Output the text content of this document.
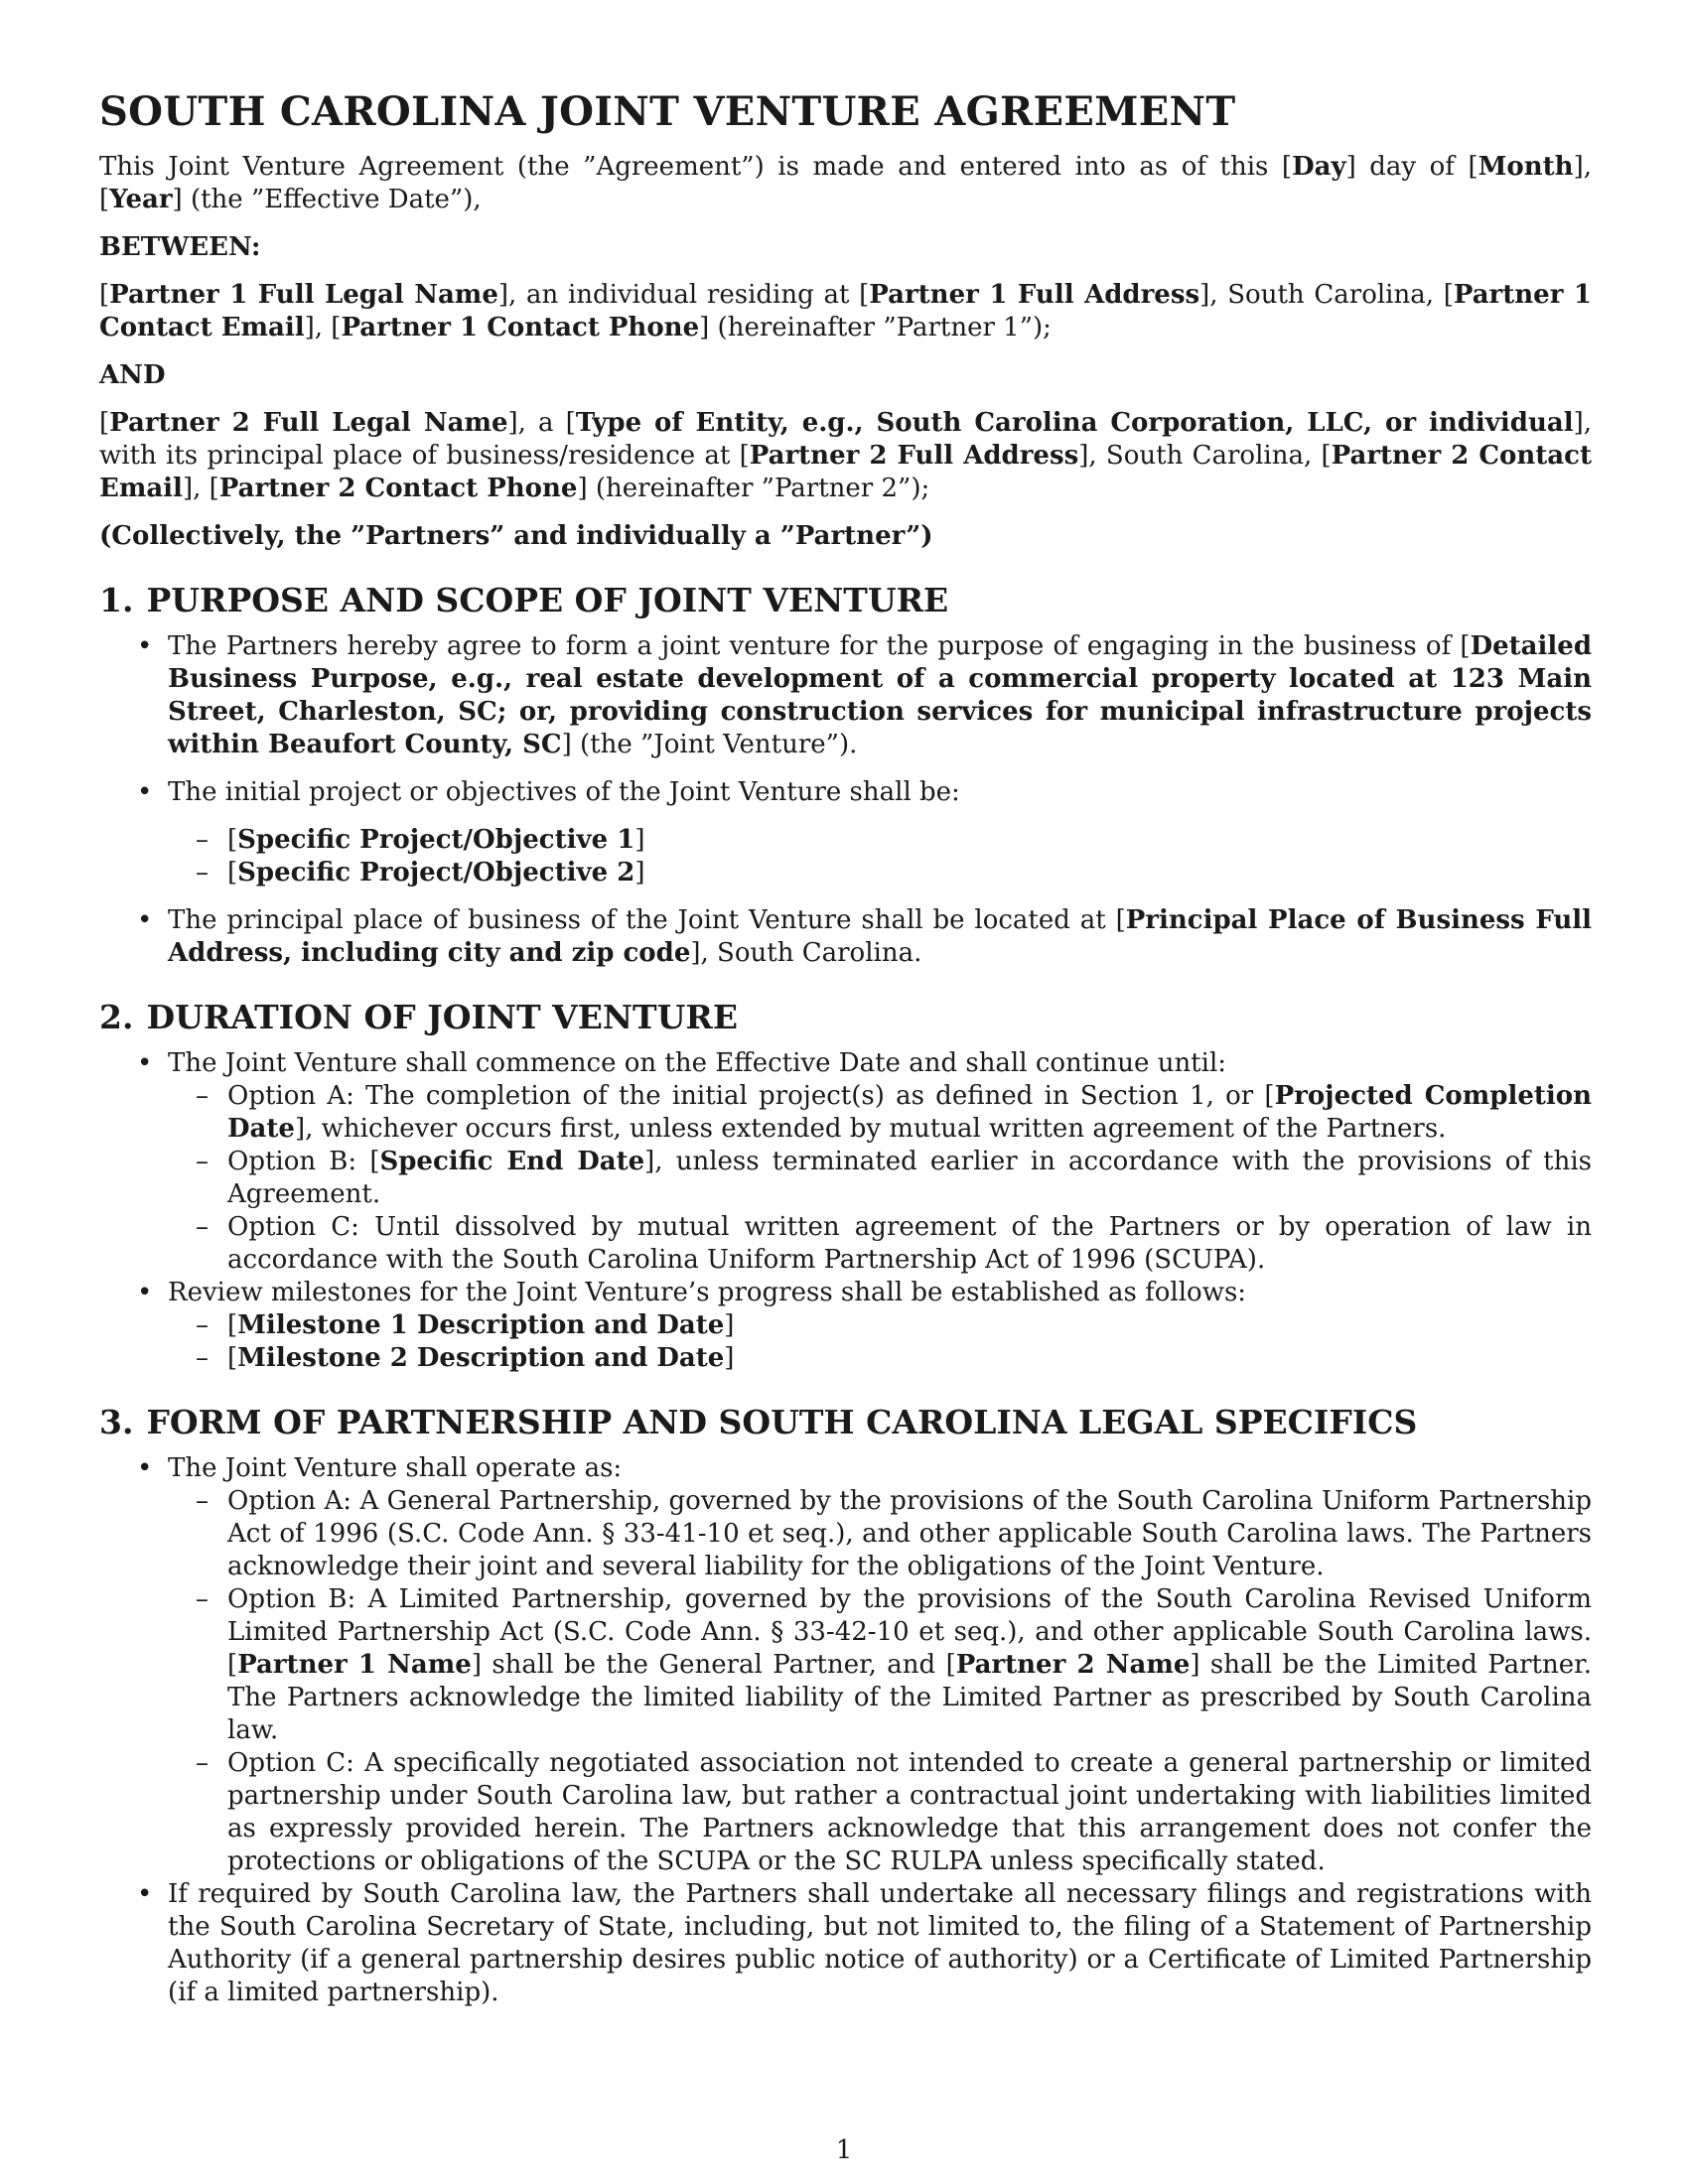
SOUTH CAROLINA JOINT VENTURE AGREEMENT

This Joint Venture Agreement (the ”Agreement”) is made and entered into as of this [Day] day of [Month], [Year] (the ”Effective Date”),

BETWEEN:

[Partner 1 Full Legal Name], an individual residing at [Partner 1 Full Address], South Carolina, [Partner 1 Contact Email], [Partner 1 Contact Phone] (hereinafter ”Partner 1”);

AND

[Partner 2 Full Legal Name], a [Type of Entity, e.g., South Carolina Corporation, LLC, or individual], with its principal place of business/residence at [Partner 2 Full Address], South Carolina, [Partner 2 Contact Email], [Partner 2 Contact Phone] (hereinafter ”Partner 2”);

(Collectively, the ”Partners” and individually a ”Partner”)

1. PURPOSE AND SCOPE OF JOINT VENTURE
• The Partners hereby agree to form a joint venture for the purpose of engaging in the business of [Detailed Business Purpose, e.g., real estate development of a commercial property located at 123 Main Street, Charleston, SC; or, providing construction services for municipal infrastructure projects within Beaufort County, SC] (the ”Joint Venture”).
• The initial project or objectives of the Joint Venture shall be:
– [Specific Project/Objective 1]
– [Specific Project/Objective 2]
• The principal place of business of the Joint Venture shall be located at [Principal Place of Business Full Address, including city and zip code], South Carolina.
2. DURATION OF JOINT VENTURE
• The Joint Venture shall commence on the Effective Date and shall continue until:
– Option A: The completion of the initial project(s) as defined in Section 1, or [Projected Completion Date], whichever occurs first, unless extended by mutual written agreement of the Partners.
– Option B: [Specific End Date], unless terminated earlier in accordance with the provisions of this Agreement.
– Option C: Until dissolved by mutual written agreement of the Partners or by operation of law in accordance with the South Carolina Uniform Partnership Act of 1996 (SCUPA).
• Review milestones for the Joint Venture’s progress shall be established as follows:
– [Milestone 1 Description and Date]
– [Milestone 2 Description and Date]
3. FORM OF PARTNERSHIP AND SOUTH CAROLINA LEGAL SPECIFICS
• The Joint Venture shall operate as:
– Option A: A General Partnership, governed by the provisions of the South Carolina Uniform Partnership Act of 1996 (S.C. Code Ann. § 33-41-10 et seq.), and other applicable South Carolina laws. The Partners acknowledge their joint and several liability for the obligations of the Joint Venture.
– Option B: A Limited Partnership, governed by the provisions of the South Carolina Revised Uniform Limited Partnership Act (S.C. Code Ann. § 33-42-10 et seq.), and other applicable South Carolina laws. [Partner 1 Name] shall be the General Partner, and [Partner 2 Name] shall be the Limited Partner. The Partners acknowledge the limited liability of the Limited Partner as prescribed by South Carolina law.
– Option C: A specifically negotiated association not intended to create a general partnership or limited partnership under South Carolina law, but rather a contractual joint undertaking with liabilities limited as expressly provided herein. The Partners acknowledge that this arrangement does not confer the protections or obligations of the SCUPA or the SC RULPA unless specifically stated.
• If required by South Carolina law, the Partners shall undertake all necessary filings and registrations with the South Carolina Secretary of State, including, but not limited to, the filing of a Statement of Partnership Authority (if a general partnership desires public notice of authority) or a Certificate of Limited Partnership (if a limited partnership).
1
